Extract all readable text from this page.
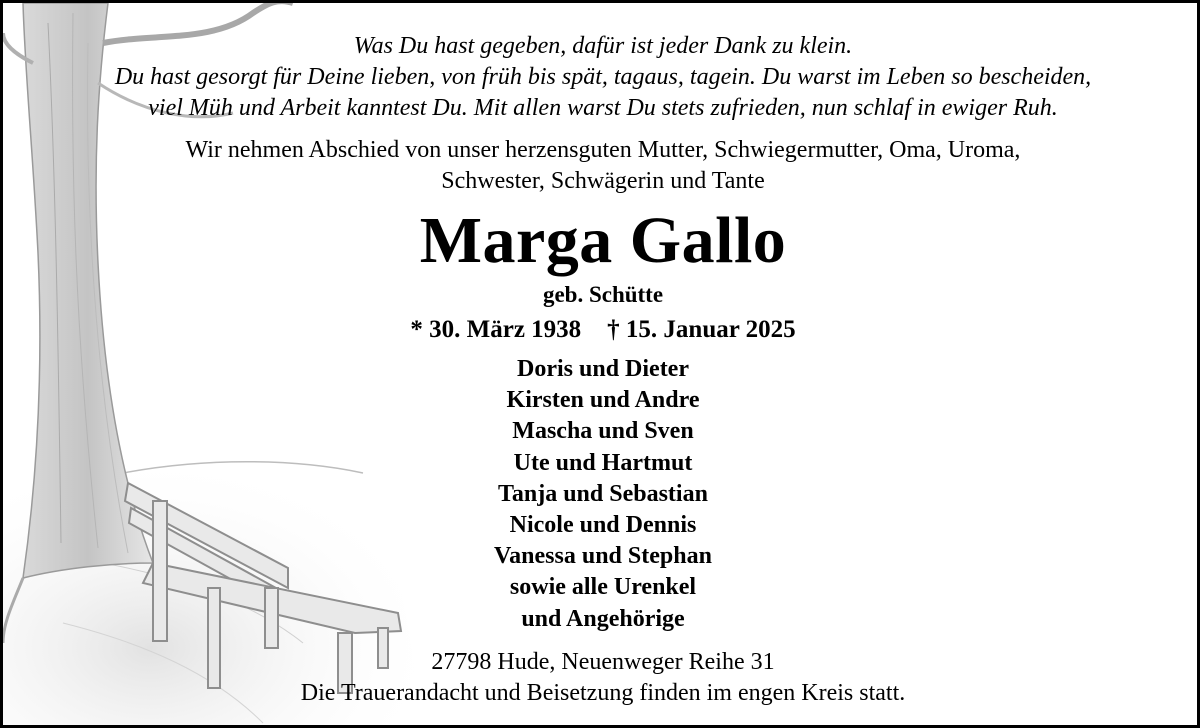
Was Du hast gegeben, dafür ist jeder Dank zu klein.
Du hast gesorgt für Deine lieben, von früh bis spät, tagaus, tagein. Du warst im Leben so bescheiden,
viel Müh und Arbeit kanntest Du. Mit allen warst Du stets zufrieden, nun schlaf in ewiger Ruh.
Wir nehmen Abschied von unser herzensguten Mutter, Schwiegermutter, Oma, Uroma,
Schwester, Schwägerin und Tante
Marga Gallo
geb. Schütte
* 30. März 1938 † 15. Januar 2025
Doris und Dieter
Kirsten und Andre
Mascha und Sven
Ute und Hartmut
Tanja und Sebastian
Nicole und Dennis
Vanessa und Stephan
sowie alle Urenkel
und Angehörige
27798 Hude, Neuenweger Reihe 31
Die Trauerandacht und Beisetzung finden im engen Kreis statt.
